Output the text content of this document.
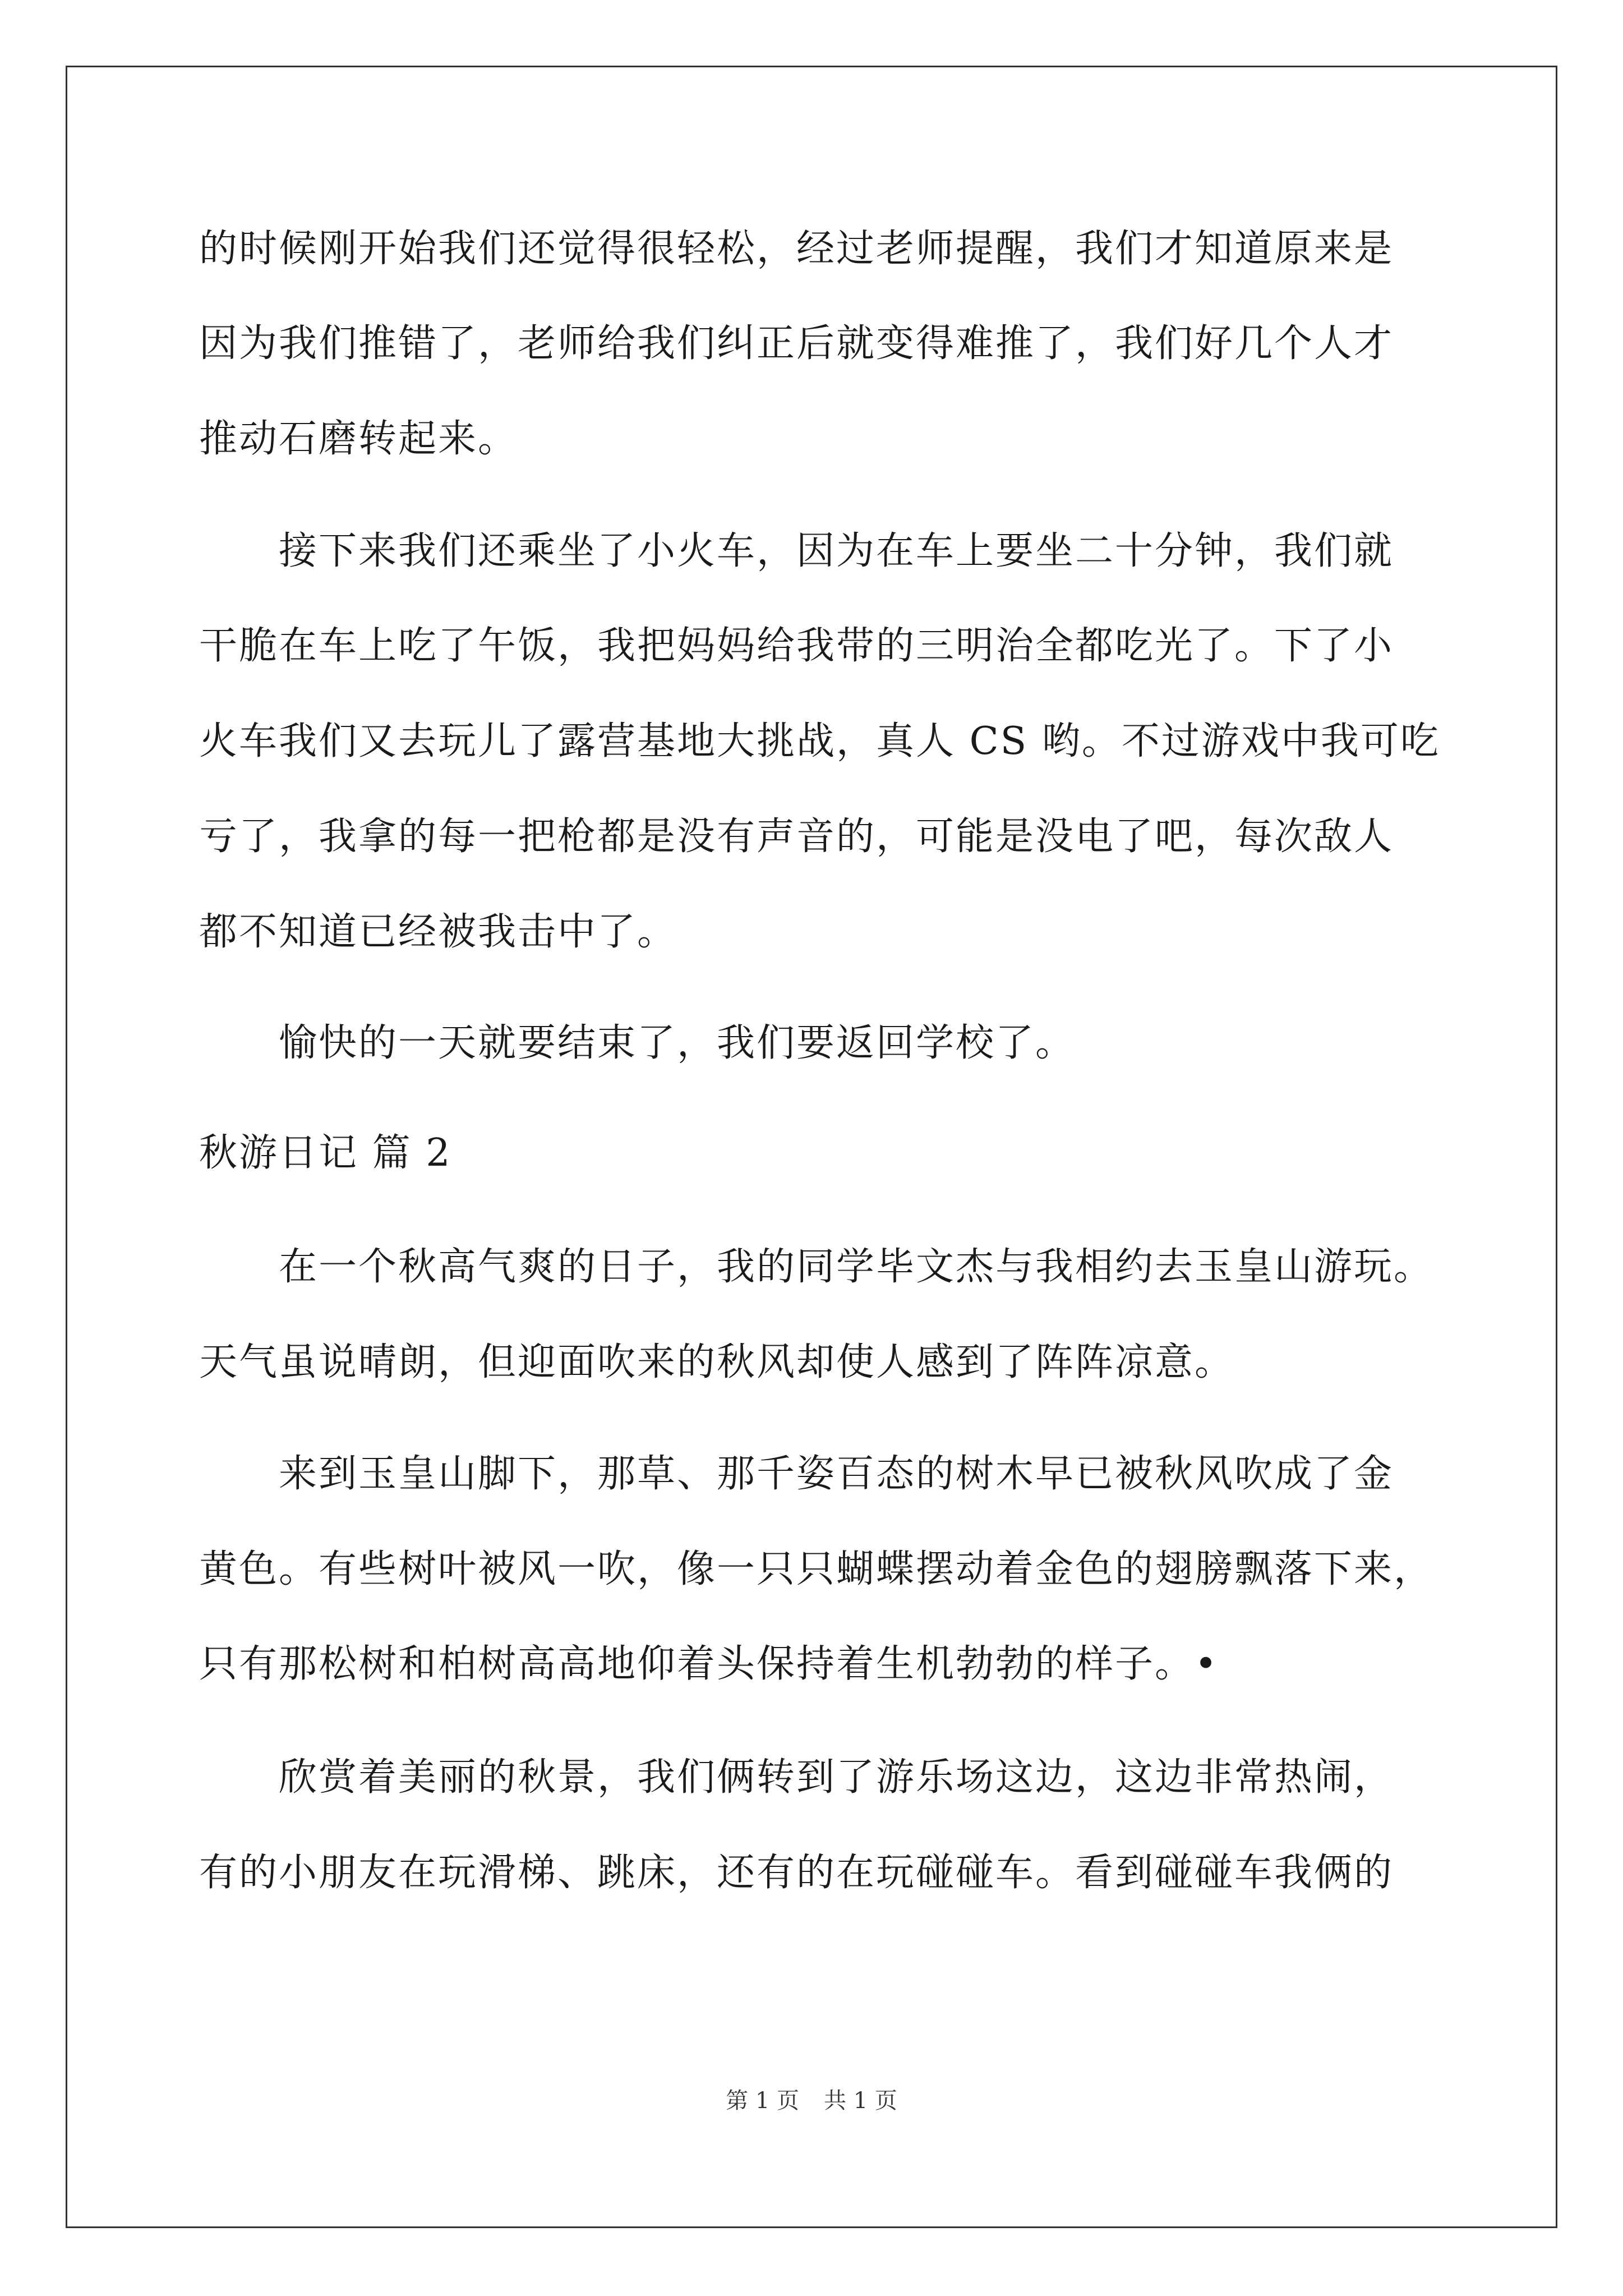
的时候刚开始我们还觉得很轻松，经过老师提醒，我们才知道原来是
因为我们推错了，老师给我们纠正后就变得难推了，我们好几个人才
推动石磨转起来。
　　接下来我们还乘坐了小火车，因为在车上要坐二十分钟，我们就
干脆在车上吃了午饭，我把妈妈给我带的三明治全都吃光了。下了小
火车我们又去玩儿了露营基地大挑战，真人 CS 哟。不过游戏中我可吃
亏了，我拿的每一把枪都是没有声音的，可能是没电了吧，每次敌人
都不知道已经被我击中了。
　　愉快的一天就要结束了，我们要返回学校了。
秋游日记 篇 2
　　在一个秋高气爽的日子，我的同学毕文杰与我相约去玉皇山游玩。
天气虽说晴朗，但迎面吹来的秋风却使人感到了阵阵凉意。
　　来到玉皇山脚下，那草、那千姿百态的树木早已被秋风吹成了金
黄色。有些树叶被风一吹，像一只只蝴蝶摆动着金色的翅膀飘落下来，
只有那松树和柏树高高地仰着头保持着生机勃勃的样子。•
　　欣赏着美丽的秋景，我们俩转到了游乐场这边，这边非常热闹，
有的小朋友在玩滑梯、跳床，还有的在玩碰碰车。看到碰碰车我俩的
第 1 页 共 1 页
